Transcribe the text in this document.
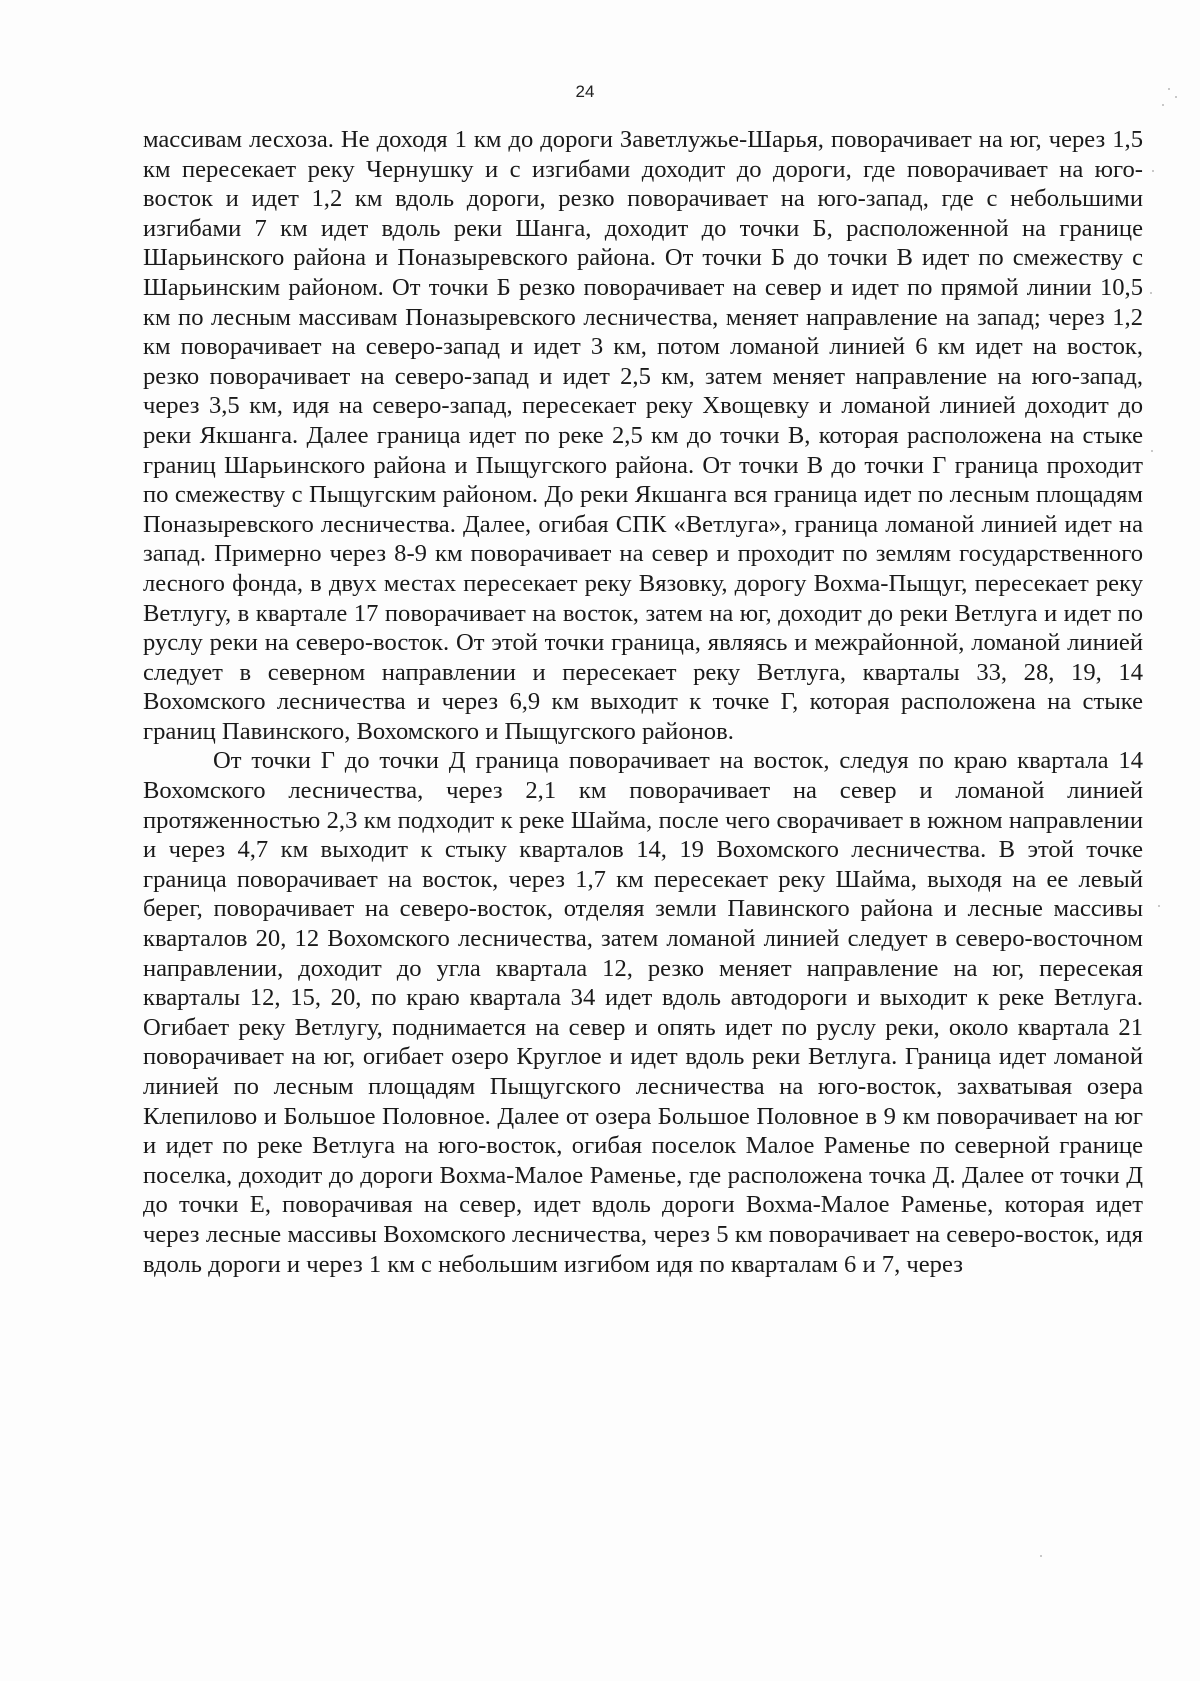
24

массивам лесхоза. Не доходя 1 км до дороги Заветлужье-Шарья, поворачивает на юг, через 1,5 км пересекает реку Чернушку и с изгибами доходит до дороги, где поворачивает на юго-восток и идет 1,2 км вдоль дороги, резко поворачивает на юго-запад, где с небольшими изгибами 7 км идет вдоль реки Шанга, доходит до точки Б, расположенной на границе Шарьинского района и Поназыревского района. От точки Б до точки В идет по смежеству с Шарьинским районом. От точки Б резко поворачивает на север и идет по прямой линии 10,5 км по лесным массивам Поназыревского лесничества, меняет направление на запад; через 1,2 км поворачивает на северо-запад и идет 3 км, потом ломаной линией 6 км идет на восток, резко поворачивает на северо-запад и идет 2,5 км, затем меняет направление на юго-запад, через 3,5 км, идя на северо-запад, пересекает реку Хвощевку и ломаной линией доходит до реки Якшанга. Далее граница идет по реке 2,5 км до точки В, которая расположена на стыке границ Шарьинского района и Пыщугского района. От точки В до точки Г граница проходит по смежеству с Пыщугским районом. До реки Якшанга вся граница идет по лесным площадям Поназыревского лесничества. Далее, огибая СПК «Ветлуга», граница ломаной линией идет на запад. Примерно через 8-9 км поворачивает на север и проходит по землям государственного лесного фонда, в двух местах пересекает реку Вязовку, дорогу Вохма-Пыщуг, пересекает реку Ветлугу, в квартале 17 поворачивает на восток, затем на юг, доходит до реки Ветлуга и идет по руслу реки на северо-восток. От этой точки граница, являясь и межрайонной, ломаной линией следует в северном направлении и пересекает реку Ветлуга, кварталы 33, 28, 19, 14 Вохомского лесничества и через 6,9 км выходит к точке Г, которая расположена на стыке границ Павинского, Вохомского и Пыщугского районов.

От точки Г до точки Д граница поворачивает на восток, следуя по краю квартала 14 Вохомского лесничества, через 2,1 км поворачивает на север и ломаной линией протяженностью 2,3 км подходит к реке Шайма, после чего сворачивает в южном направлении и через 4,7 км выходит к стыку кварталов 14, 19 Вохомского лесничества. В этой точке граница поворачивает на восток, через 1,7 км пересекает реку Шайма, выходя на ее левый берег, поворачивает на северо-восток, отделяя земли Павинского района и лесные массивы кварталов 20, 12 Вохомского лесничества, затем ломаной линией следует в северо-восточном направлении, доходит до угла квартала 12, резко меняет направление на юг, пересекая кварталы 12, 15, 20, по краю квартала 34 идет вдоль автодороги и выходит к реке Ветлуга. Огибает реку Ветлугу, поднимается на север и опять идет по руслу реки, около квартала 21 поворачивает на юг, огибает озеро Круглое и идет вдоль реки Ветлуга. Граница идет ломаной линией по лесным площадям Пыщугского лесничества на юго-восток, захватывая озера Клепилово и Большое Половное. Далее от озера Большое Половное в 9 км поворачивает на юг и идет по реке Ветлуга на юго-восток, огибая поселок Малое Раменье по северной границе поселка, доходит до дороги Вохма-Малое Раменье, где расположена точка Д. Далее от точки Д до точки Е, поворачивая на север, идет вдоль дороги Вохма-Малое Раменье, которая идет через лесные массивы Вохомского лесничества, через 5 км поворачивает на северо-восток, идя вдоль дороги и через 1 км с небольшим изгибом идя по кварталам 6 и 7, через
